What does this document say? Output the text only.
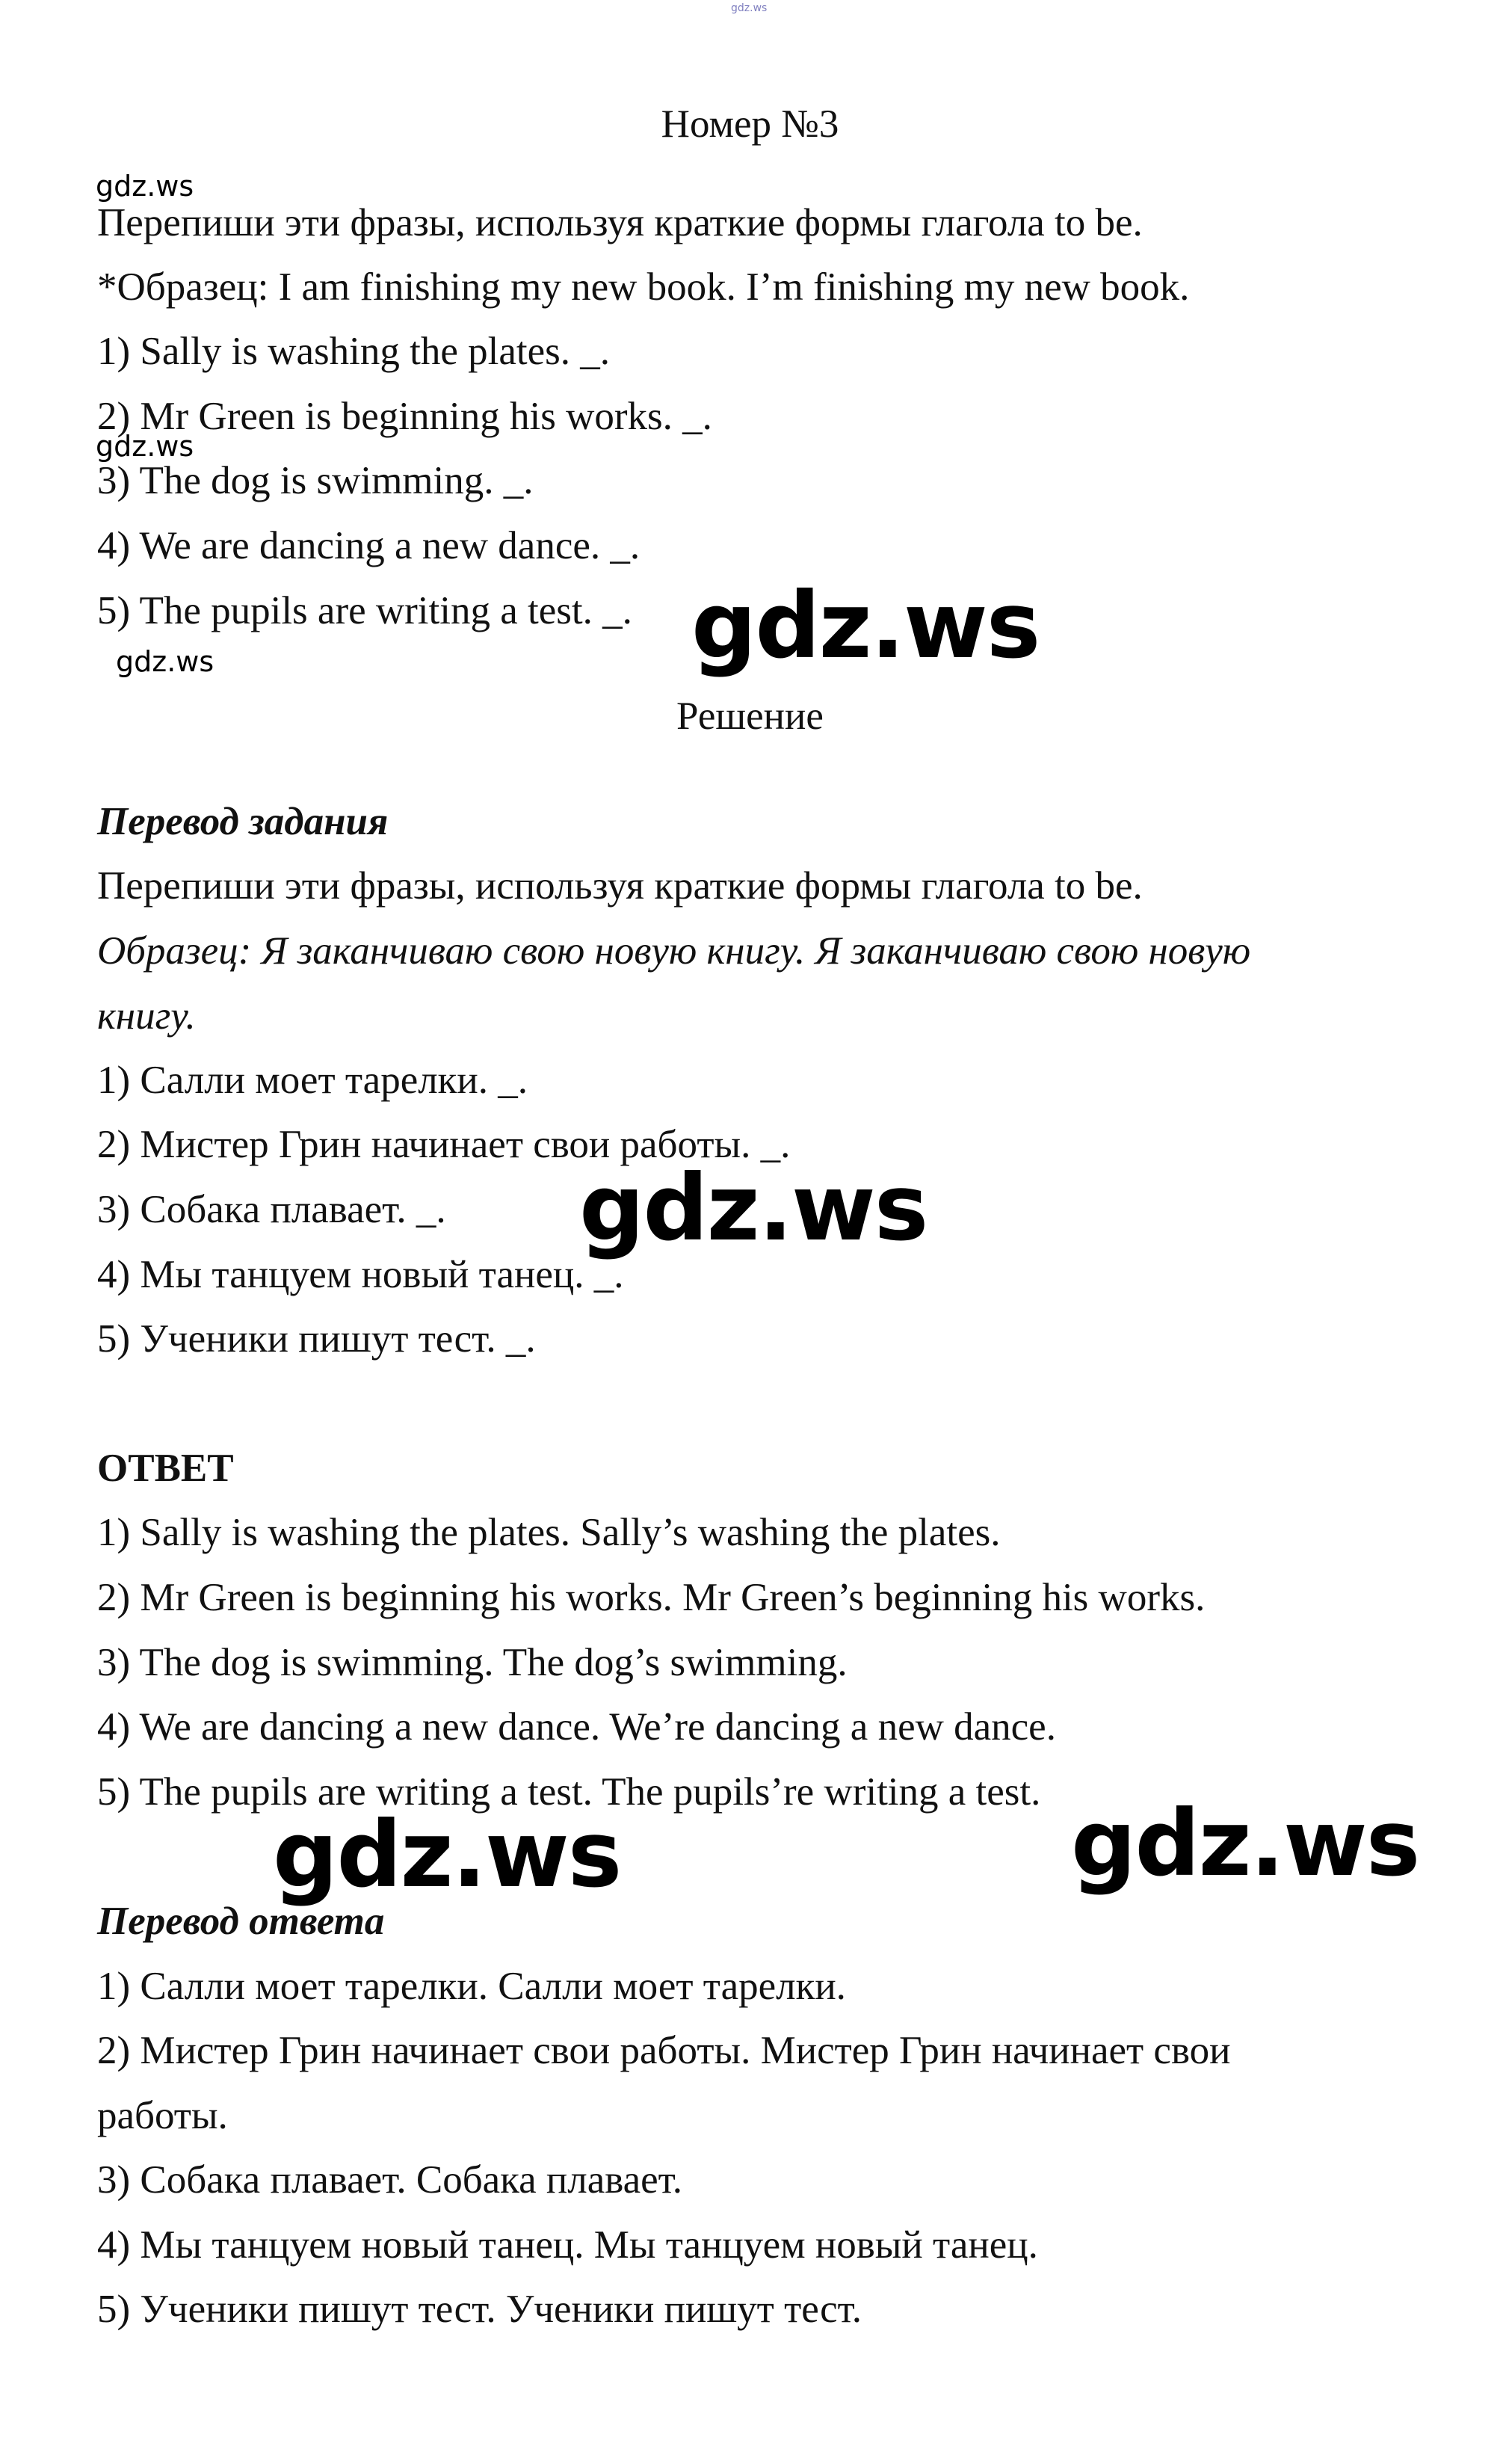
gdz.ws
Номер №3
Перепиши эти фразы, используя краткие формы глагола to be.
*Образец: I am finishing my new book. I’m finishing my new book.
1) Sally is washing the plates. _.
2) Mr Green is beginning his works. _.
3) The dog is swimming. _.
4) We are dancing a new dance. _.
5) The pupils are writing a test. _.
Решение
Перевод задания
Перепиши эти фразы, используя краткие формы глагола to be.
Образец: Я заканчиваю свою новую книгу. Я заканчиваю свою новую
книгу.
1) Салли моет тарелки. _.
2) Мистер Грин начинает свои работы. _.
3) Собака плавает. _.
4) Мы танцуем новый танец. _.
5) Ученики пишут тест. _.
ОТВЕТ
1) Sally is washing the plates. Sally’s washing the plates.
2) Mr Green is beginning his works. Mr Green’s beginning his works.
3) The dog is swimming. The dog’s swimming.
4) We are dancing a new dance. We’re dancing a new dance.
5) The pupils are writing a test. The pupils’re writing a test.
Перевод ответа
1) Салли моет тарелки. Салли моет тарелки.
2) Мистер Грин начинает свои работы. Мистер Грин начинает свои
работы.
3) Собака плавает. Собака плавает.
4) Мы танцуем новый танец. Мы танцуем новый танец.
5) Ученики пишут тест. Ученики пишут тест.
gdz.ws
gdz.ws
gdz.ws	gdz.ws
gdz.ws
gdz.ws	gdz.ws
